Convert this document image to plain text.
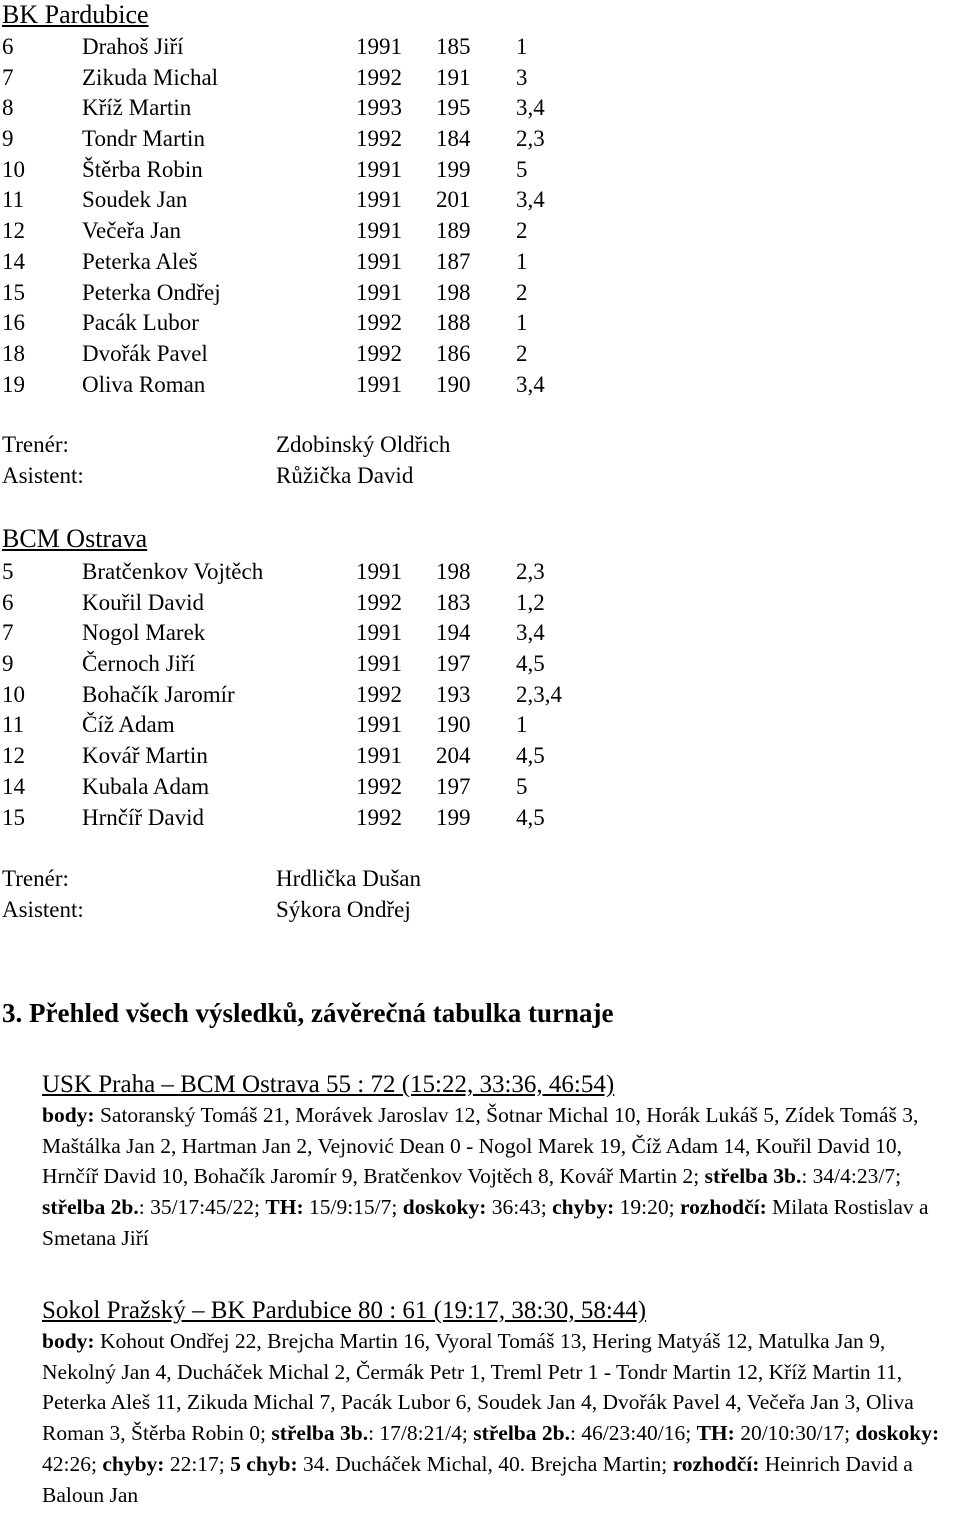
BK Pardubice
6	Drahoš Jiří	1991 185 1
7	Zikuda Michal	1992 191 3
8	Kříž Martin	1993 195 3,4
9	Tondr Martin	1992 184 2,3
10 Štěrba Robin	1991 199 5
11	Soudek Jan	1991 201 3,4
12 Večeřa Jan	1991 189 2
14 Peterka Aleš	1991 187 1
15 Peterka Ondřej	1991 198 2
16 Pacák Lubor	1992 188 1
18 Dvořák Pavel	1992 186 2
19 Oliva Roman	1991 190 3,4
Trenér:	Zdobinský Oldřich
Asistent:	Růžička David
BCM Ostrava
5	Bratčenkov Vojtěch	1991 198 2,3
6	Kouřil David	1992 183 1,2
7	Nogol Marek	1991 194 3,4
9	Černoch Jiří	1991 197 4,5
10 Bohačík Jaromír	1992 193 2,3,4
11	Číž Adam	1991 190 1
12 Kovář Martin	1991 204 4,5
14 Kubala Adam	1992 197 5
15 Hrnčíř David	1992 199 4,5
Trenér:	Hrdlička Dušan
Asistent:	Sýkora Ondřej
3. Přehled všech výsledků, závěrečná tabulka turnaje
USK Praha – BCM Ostrava 55 : 72 (15:22, 33:36, 46:54)
body: Satoranský Tomáš 21, Morávek Jaroslav 12, Šotnar Michal 10, Horák Lukáš 5, Zídek Tomáš 3, Maštálka Jan 2, Hartman Jan 2, Vejnović Dean 0 - Nogol Marek 19, Číž Adam 14, Kouřil David 10, Hrnčíř David 10, Bohačík Jaromír 9, Bratčenkov Vojtěch 8, Kovář Martin 2; střelba 3b.: 34/4:23/7; střelba 2b.: 35/17:45/22; TH: 15/9:15/7; doskoky: 36:43; chyby: 19:20; rozhodčí: Milata Rostislav a Smetana Jiří
Sokol Pražský – BK Pardubice 80 : 61 (19:17, 38:30, 58:44)
body: Kohout Ondřej 22, Brejcha Martin 16, Vyoral Tomáš 13, Hering Matyáš 12, Matulka Jan 9, Nekolný Jan 4, Ducháček Michal 2, Čermák Petr 1, Treml Petr 1 - Tondr Martin 12, Kříž Martin 11, Peterka Aleš 11, Zikuda Michal 7, Pacák Lubor 6, Soudek Jan 4, Dvořák Pavel 4, Večeřa Jan 3, Oliva Roman 3, Štěrba Robin 0; střelba 3b.: 17/8:21/4; střelba 2b.: 46/23:40/16; TH: 20/10:30/17; doskoky: 42:26; chyby: 22:17; 5 chyb: 34. Ducháček Michal, 40. Brejcha Martin; rozhodčí: Heinrich David a Baloun Jan
